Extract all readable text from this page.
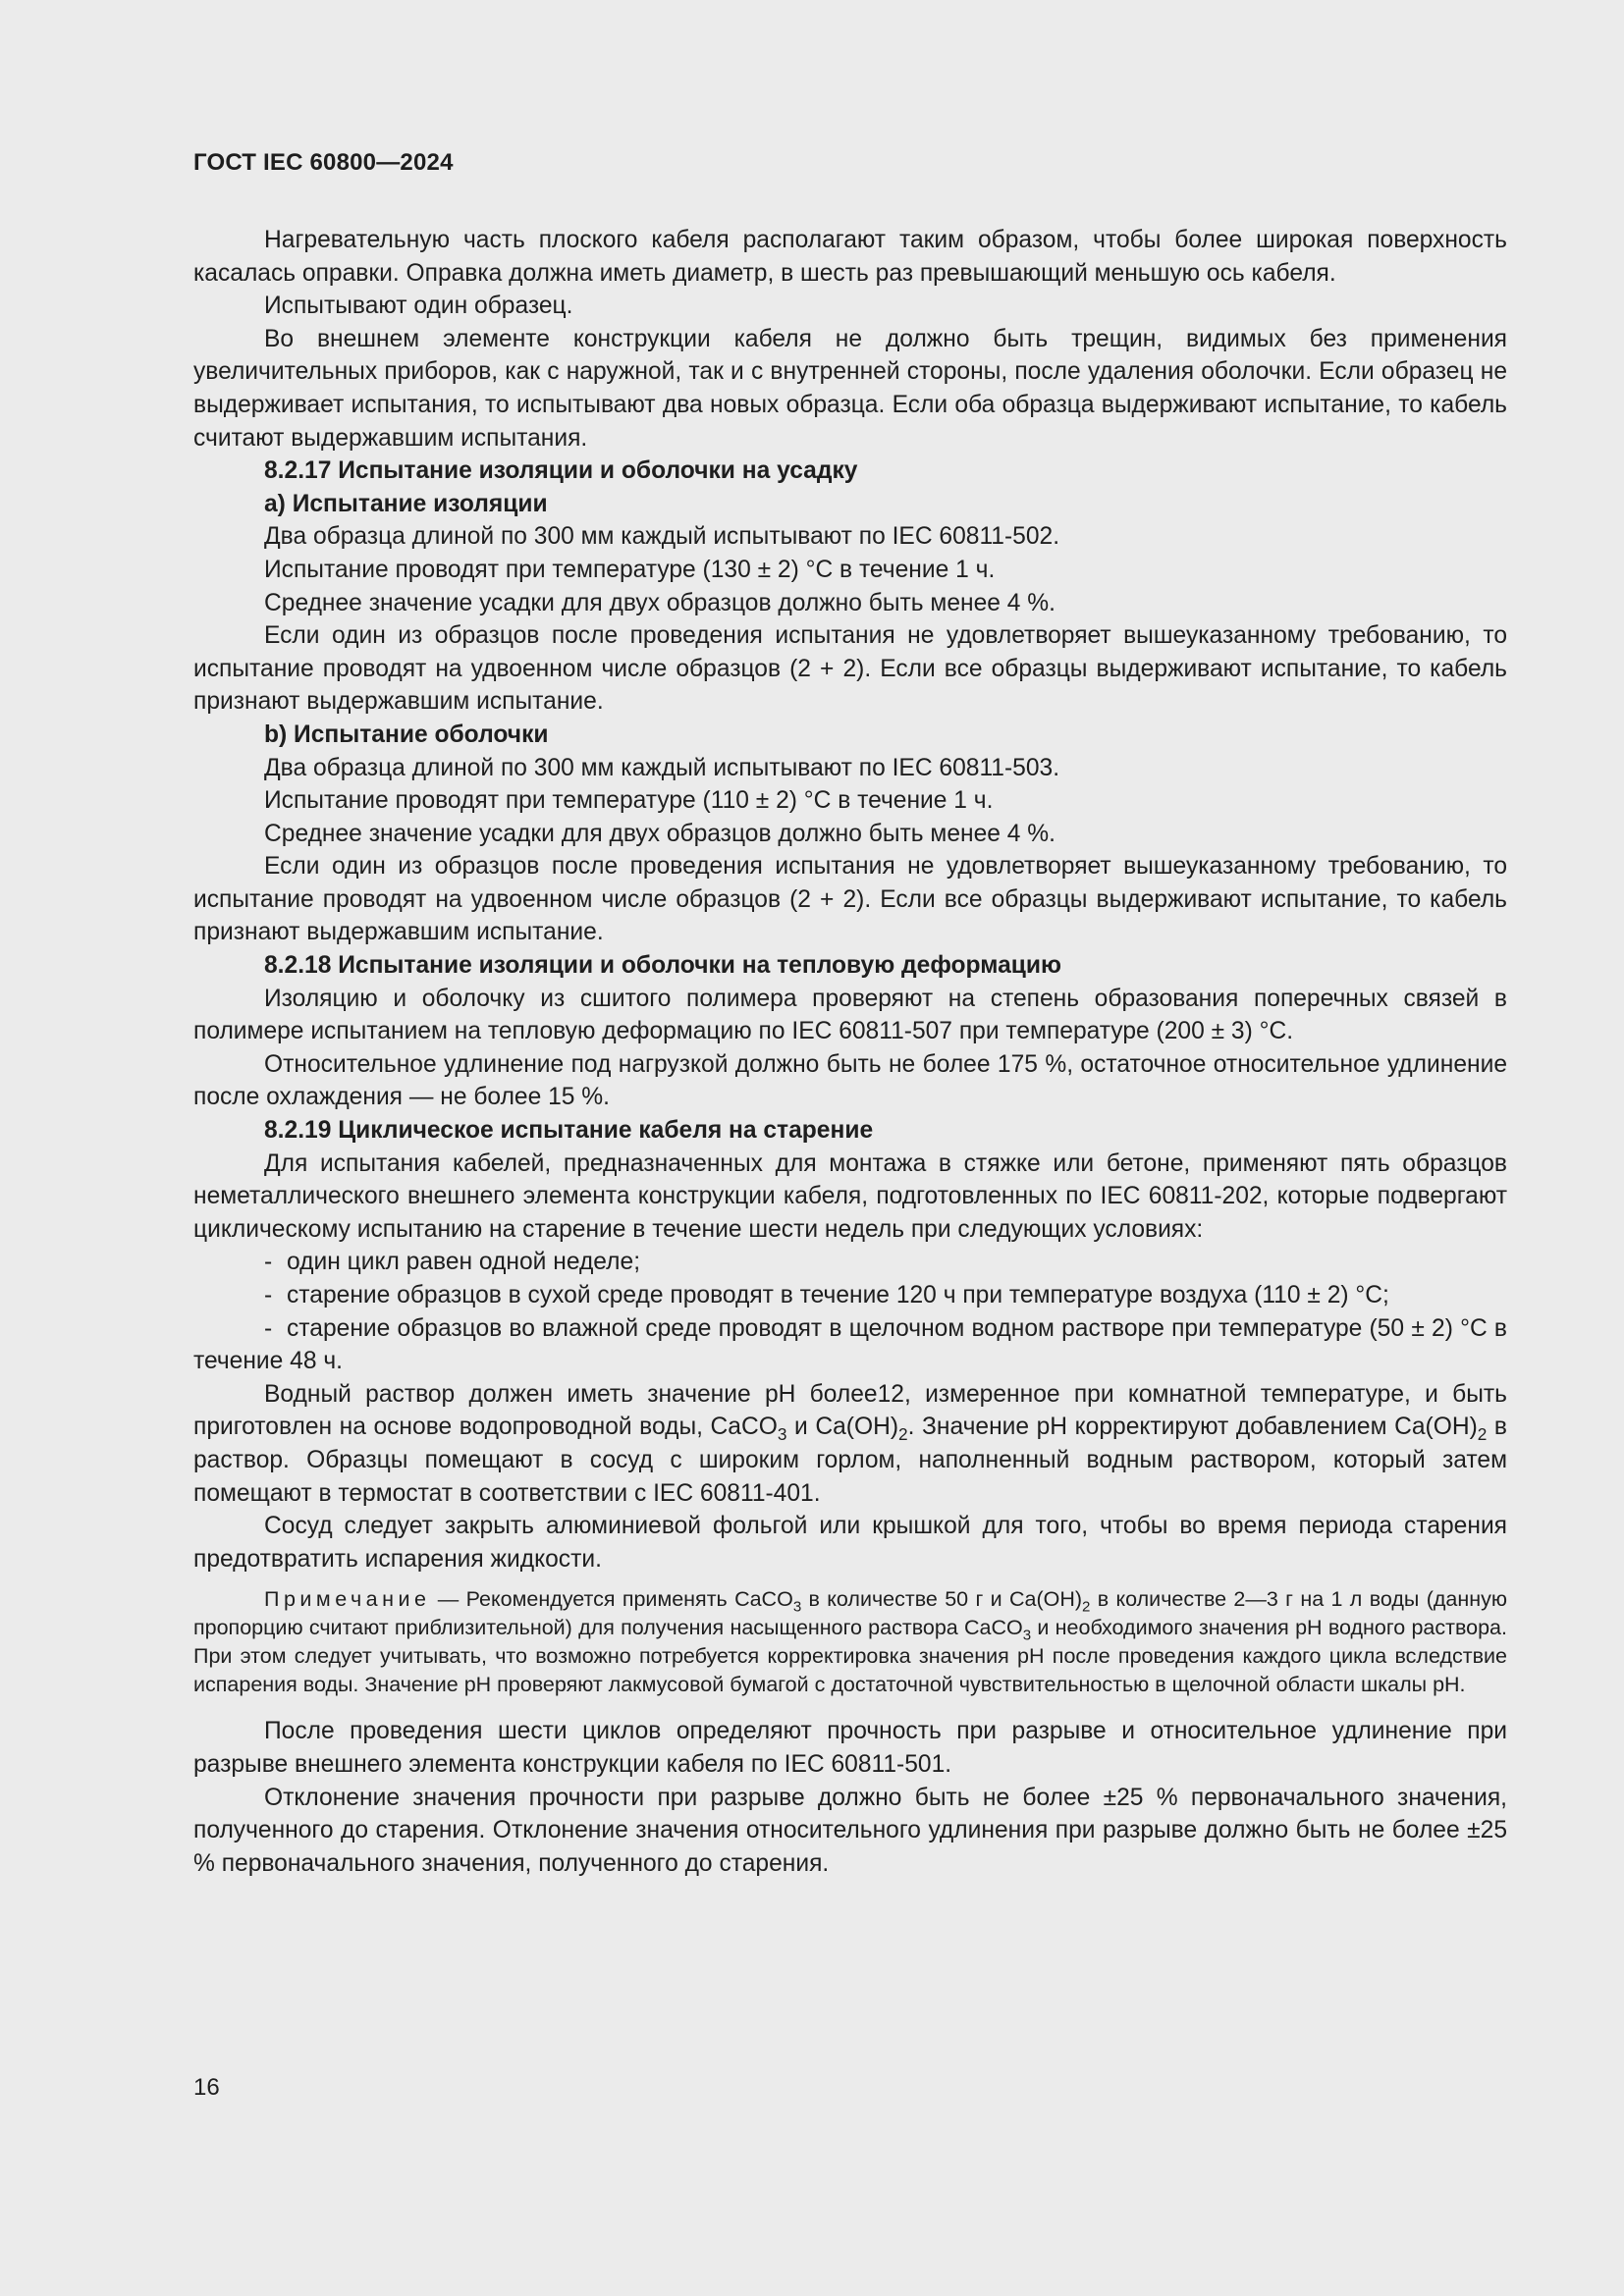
ГОСТ IEC 60800—2024

Нагревательную часть плоского кабеля располагают таким образом, чтобы более широкая поверхность касалась оправки. Оправка должна иметь диаметр, в шесть раз превышающий меньшую ось кабеля.

Испытывают один образец.

Во внешнем элементе конструкции кабеля не должно быть трещин, видимых без применения увеличительных приборов, как с наружной, так и с внутренней стороны, после удаления оболочки. Если образец не выдерживает испытания, то испытывают два новых образца. Если оба образца выдерживают испытание, то кабель считают выдержавшим испытания.

8.2.17 Испытание изоляции и оболочки на усадку

a) Испытание изоляции

Два образца длиной по 300 мм каждый испытывают по IEC 60811-502.

Испытание проводят при температуре (130 ± 2) °С в течение 1 ч.

Среднее значение усадки для двух образцов должно быть менее 4 %.

Если один из образцов после проведения испытания не удовлетворяет вышеуказанному требованию, то испытание проводят на удвоенном числе образцов (2 + 2). Если все образцы выдерживают испытание, то кабель признают выдержавшим испытание.

b) Испытание оболочки

Два образца длиной по 300 мм каждый испытывают по IEC 60811-503.

Испытание проводят при температуре (110 ± 2) °С в течение 1 ч.

Среднее значение усадки для двух образцов должно быть менее 4 %.

Если один из образцов после проведения испытания не удовлетворяет вышеуказанному требованию, то испытание проводят на удвоенном числе образцов (2 + 2). Если все образцы выдерживают испытание, то кабель признают выдержавшим испытание.

8.2.18 Испытание изоляции и оболочки на тепловую деформацию

Изоляцию и оболочку из сшитого полимера проверяют на степень образования поперечных связей в полимере испытанием на тепловую деформацию по IEC 60811-507 при температуре (200 ± 3) °С.

Относительное удлинение под нагрузкой должно быть не более 175 %, остаточное относительное удлинение после охлаждения — не более 15 %.

8.2.19 Циклическое испытание кабеля на старение

Для испытания кабелей, предназначенных для монтажа в стяжке или бетоне, применяют пять образцов неметаллического внешнего элемента конструкции кабеля, подготовленных по IEC 60811-202, которые подвергают циклическому испытанию на старение в течение шести недель при следующих условиях:

- один цикл равен одной неделе;

- старение образцов в сухой среде проводят в течение 120 ч при температуре воздуха (110 ± 2) °С;

- старение образцов во влажной среде проводят в щелочном водном растворе при температуре (50 ± 2) °С в течение 48 ч.

Водный раствор должен иметь значение рН более12, измеренное при комнатной температуре, и быть приготовлен на основе водопроводной воды, CaCO$_3$ и $Ca(OH)_2$. Значение рН корректируют добавлением $Ca(OH)_2$ в раствор. Образцы помещают в сосуд с широким горлом, наполненный водным раствором, который затем помещают в термостат в соответствии с IEC 60811-401.

Сосуд следует закрыть алюминиевой фольгой или крышкой для того, чтобы во время периода старения предотвратить испарения жидкости.

Примечание — Рекомендуется применять CaCO$_3$ в количестве 50 г и $Ca(OH)_2$ в количестве 2—3 г на 1 л воды (данную пропорцию считают приблизительной) для получения насыщенного раствора CaCO$_3$ и необходимого значения рН водного раствора. При этом следует учитывать, что возможно потребуется корректировка значения рН после проведения каждого цикла вследствие испарения воды. Значение рН проверяют лакмусовой бумагой с достаточной чувствительностью в щелочной области шкалы рН.

После проведения шести циклов определяют прочность при разрыве и относительное удлинение при разрыве внешнего элемента конструкции кабеля по IEC 60811-501.

Отклонение значения прочности при разрыве должно быть не более ±25 % первоначального значения, полученного до старения. Отклонение значения относительного удлинения при разрыве должно быть не более ±25 % первоначального значения, полученного до старения.

16
